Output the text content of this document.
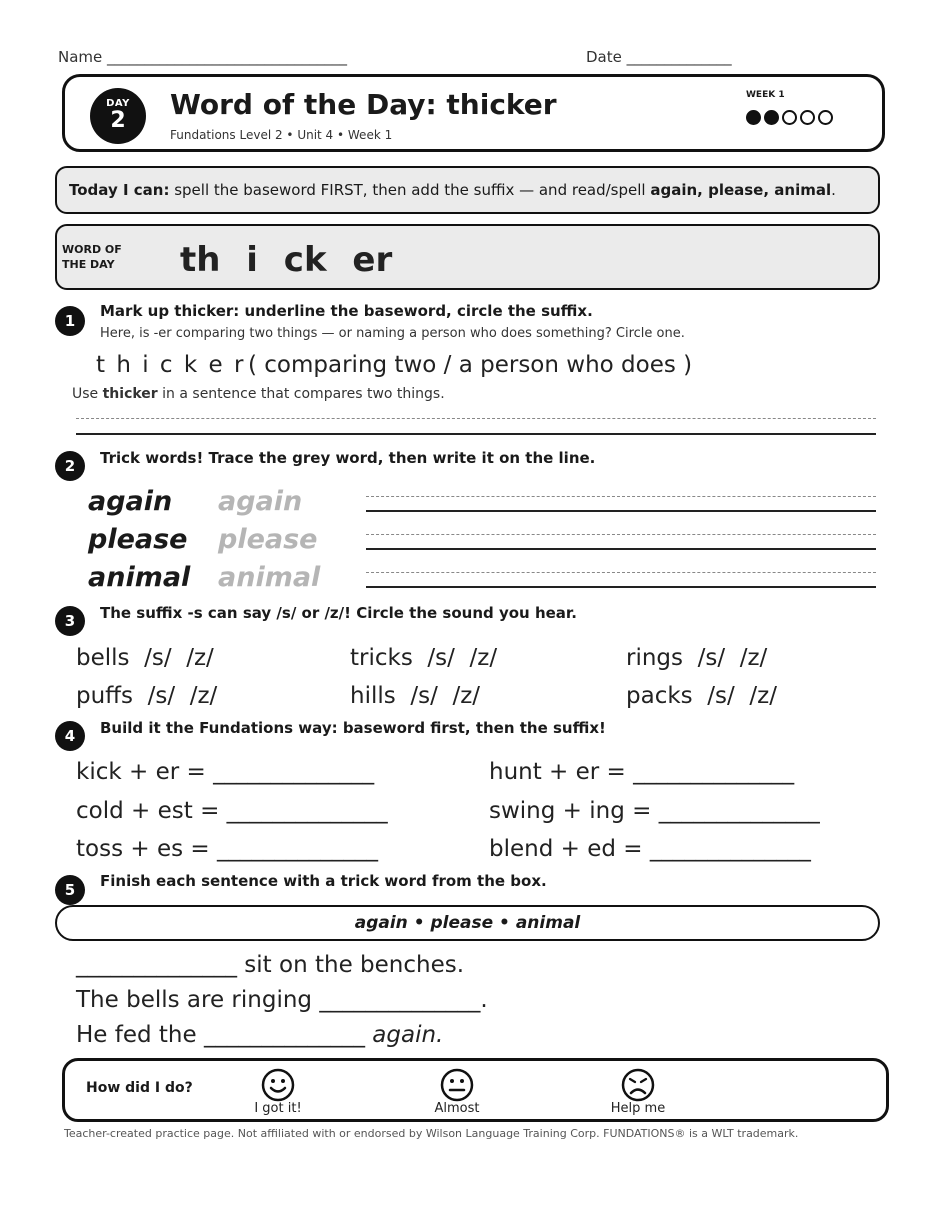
Name ________________________________	Date ______________
DAY
2	Word of the Day: thicker
Fundations Level 2 • Unit 4 • Week 1
WEEK 1
Today I can: spell the baseword FIRST, then add the suffix — and read/spell again, please, animal.
WORD OF
THE DAY th i ck er
1
Mark up thicker: underline the baseword, circle the suffix.
Here, is -er comparing two things — or naming a person who does something? Circle one.
t h i c k e r ( comparing two / a person who does )
Use thicker in a sentence that compares two things.
2	Trick words! Trace the grey word, then write it on the line.
again again
please please
animal animal
3	The suffix -s can say /s/ or /z/! Circle the sound you hear.
bells  /s/  /z/	tricks  /s/  /z/	rings  /s/  /z/
puffs  /s/  /z/	hills  /s/  /z/	packs  /s/  /z/
4	Build it the Fundations way: baseword first, then the suffix!
kick + er = ______________	hunt + er = ______________
cold + est = ______________	swing + ing = ______________
toss + es = ______________	blend + ed = ______________
5	Finish each sentence with a trick word from the box.
again • please • animal
______________ sit on the benches.
The bells are ringing ______________.
He fed the ______________ again.
How did I do?
I got it!	Almost	Help me
Teacher-created practice page. Not affiliated with or endorsed by Wilson Language Training Corp. FUNDATIONS® is a WLT trademark.
